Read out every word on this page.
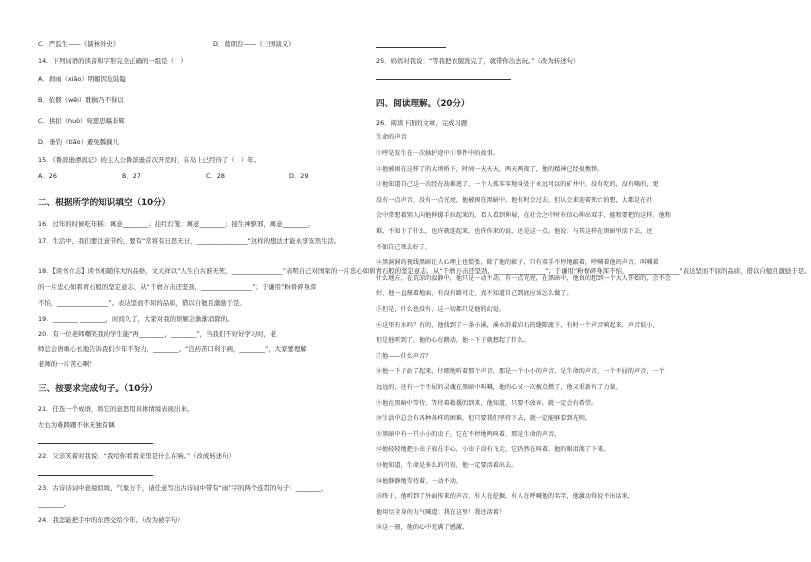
C．严监生——《儒林外史》	D．葛朗台——《三国演义》
14．下列词语的读音和字形完全正确的一组是（　）
A．刹雨（xiāo）明媚因危陆隘
B．依偎（wēi）耽搁乃不得以
C．拱扣（huò）宛愿思稿非辉
D．垂钓（tiāo）避免瓢摘儿
15．《鲁滨逊漂流记》的主人公鲁滨逊首次开荒时，在岛上已经待了（　）年。
A．26	B．27	C．28	D．29
二、根据所学的知识填空（10分）
16．过年的时候吃年糕：寓意________；挂红灯笼：寓意________；接生神驱邪，寓意________。
17．生活中，我们要注意节约，要有“常将有日思无日，________________”这样的想法才能永享安然生活。
18．【读书立志】读书相随伟大的品格，文天祥以“人生自古谁无死，________________”表明自己对国家的一片忠心如碧青石般的坚定意志，从“千磨万击还坚劲，________________”；于谦用“粉骨碎身浑不怕，________________”表达坚而不屈的品质，借以自勉且激励于是。
的一片忠心如碧青石般的坚定意志，从“千磨万击还坚劲，________________”；于谦用“粉骨碎身浑
不怕，________________”。表达坚而不屈的品质，借以自勉且激励于是。
19．________ ________，时间久了，大家对我的误解会渐渐消除的。
20．有一位老师嘲笑我的学生能“再________，________”，当我们不好好学习时，老
师总会语重心长地告诉我们少年不努力，________。“良药苦口利于病，________”，大家要理解
老师的一片苦心啊！
三、按要求完成句子。（10分）
21．任选一个成语，将它的意思用具体情境表现出来。
左右为难踌躇不休无独有偶
22．父亲笑着对我说：“我给你看看来里是什么在响。”（改成转述句）
23．古诗诗词中意境似坡、气象万千，请任意写出古诗词中带有“雨”字的两个连贯的句子：________，
________。
24．我怎能把手中的东西交给少年。（改为被字句）
25．妈妈对我说：“等我把衣服洗完了，就带你出去玩。”（改为转述句）
四、阅读理解。（20分）
26．阅读下面的文章，完成习题
生命的声音
①呼是发生在一次轴护途中①事件中的故事。
②他被困在这样了的大坝桥下，时间一天天天，两天两夜了，他的精神已经很憔悴。
③他知道自己这一次经在劫难逃了，一个人孤零零地身处于永远可以的矿井中，没有吃的，没有喝的，更
没有一点声音，没有一点光亮，他被困在黑暗中。他有时会过去，但认会来迎着死亡的想，大都是在社
会中常想着别人向他伸援手拉起来的，看人看到伸展，在社会之中时有信心伸出双手，能和要把的这样。他和
难，不知下了什么，也许就连起来，也许你来的说，还是这一点。他说：与其这样在黑暗里活下去，还
不如自己死去好了。
④黑洞洞的视线黑暗让人心理上也慌张，除了他的影子，只有双手不停地敲着，呼喊着他的声音，叫喊着
什么地方，在荒凉的寂静中，他只是一动不动，有一点光亮，在黑暗中，他真的想到一个大人开始的，会不会
好，他一直摸着地面，有没有路可走，真不知道自己到底应该怎么做了。
⑤但是，什么也没有，这一切都只是他的幻觉。
⑥这里有水吗？有的，他找到了一条小溪，溪水沿着岩石的缝隙流下，有时一个声音响起来，声音很小，
但是他听到了，他的心在跳动，他一下子就想起了什么。
⑦他——什么声音？
⑧他一下子站了起来，仔细地听着那个声音，那是一个小小的声音，是生命的声音，一个不屈的声音，一个
远远的，还有一个不屈的灵魂在黑暗中叫喊，他的心又一次被点燃了，他又重新有了力量。
⑨他在黑暗中等待，等待着救援的到来，他知道，只要不放弃，就一定会有希望。
⑩生活中总会有各种各样的困难，但只要我们坚持下去，就一定能够看到光明。
⑪黑暗中有一只小小的虫子，它在不停地鸣叫着，那是生命的声音。
⑫他轻轻地把小虫子放在手心，小虫子没有飞走，它仍然在叫着，他的眼泪流了下来。
⑬他知道，生命是多么的可贵，他一定要活着出去。
⑭他静静地等待着，一动不动。
⑮终于，他听到了外面传来的声音，有人在挖掘，有人在呼喊他的名字，他激动得说不出话来，
他用尽全身的力气喊道：我在这里！我还活着！
⑯这一刻，他的心中充满了感激。
